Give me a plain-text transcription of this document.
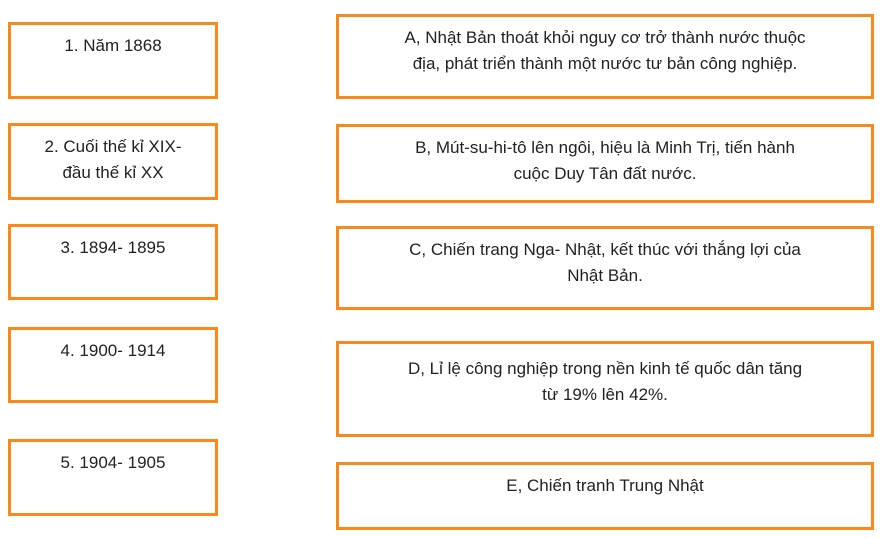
1. Năm 1868
2. Cuối thế kỉ XIX-
đầu thế kỉ XX
3. 1894- 1895
4. 1900- 1914
5. 1904- 1905
A, Nhật Bản thoát khỏi nguy cơ trở thành nước thuộc
địa, phát triển thành một nước tư bản công nghiệp.
B, Mút-su-hi-tô lên ngôi, hiệu là Minh Trị, tiến hành
cuộc Duy Tân đất nước.
C, Chiến trang Nga- Nhật, kết thúc với thắng lợi của
Nhật Bản.
D, Lỉ lệ công nghiệp trong nền kinh tế quốc dân tăng
từ 19% lên 42%.
E, Chiến tranh Trung Nhật
